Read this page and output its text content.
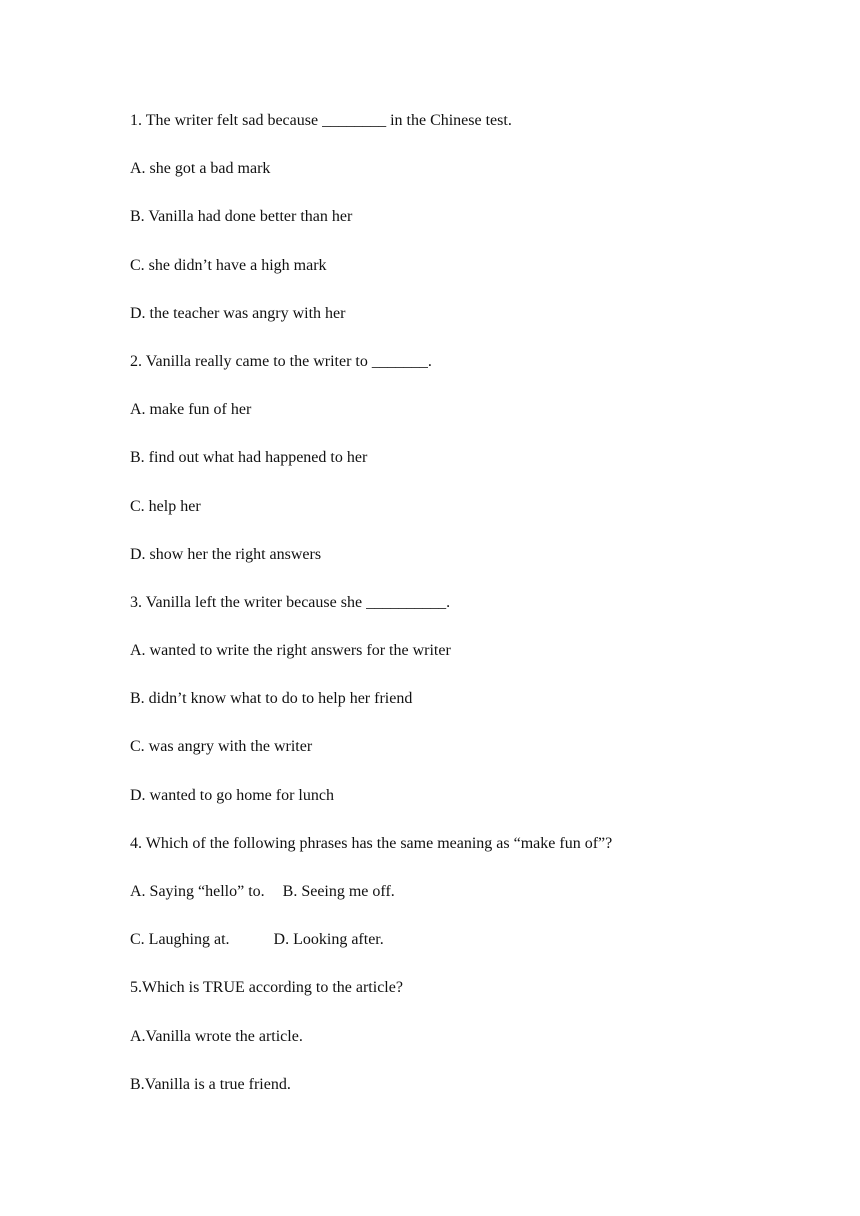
1. The writer felt sad because ________ in the Chinese test.
A. she got a bad mark
B. Vanilla had done better than her
C. she didn’t have a high mark
D. the teacher was angry with her
2. Vanilla really came to the writer to _______.
A. make fun of her
B. find out what had happened to her
C. help her
D. show her the right answers
3. Vanilla left the writer because she __________.
A. wanted to write the right answers for the writer
B. didn’t know what to do to help her friend
C. was angry with the writer
D. wanted to go home for lunch
4. Which of the following phrases has the same meaning as “make fun of”?
A. Saying “hello” to. B. Seeing me off.
C. Laughing at.	D. Looking after.
5.Which is TRUE according to the article?
A.Vanilla wrote the article.
B.Vanilla is a true friend.
